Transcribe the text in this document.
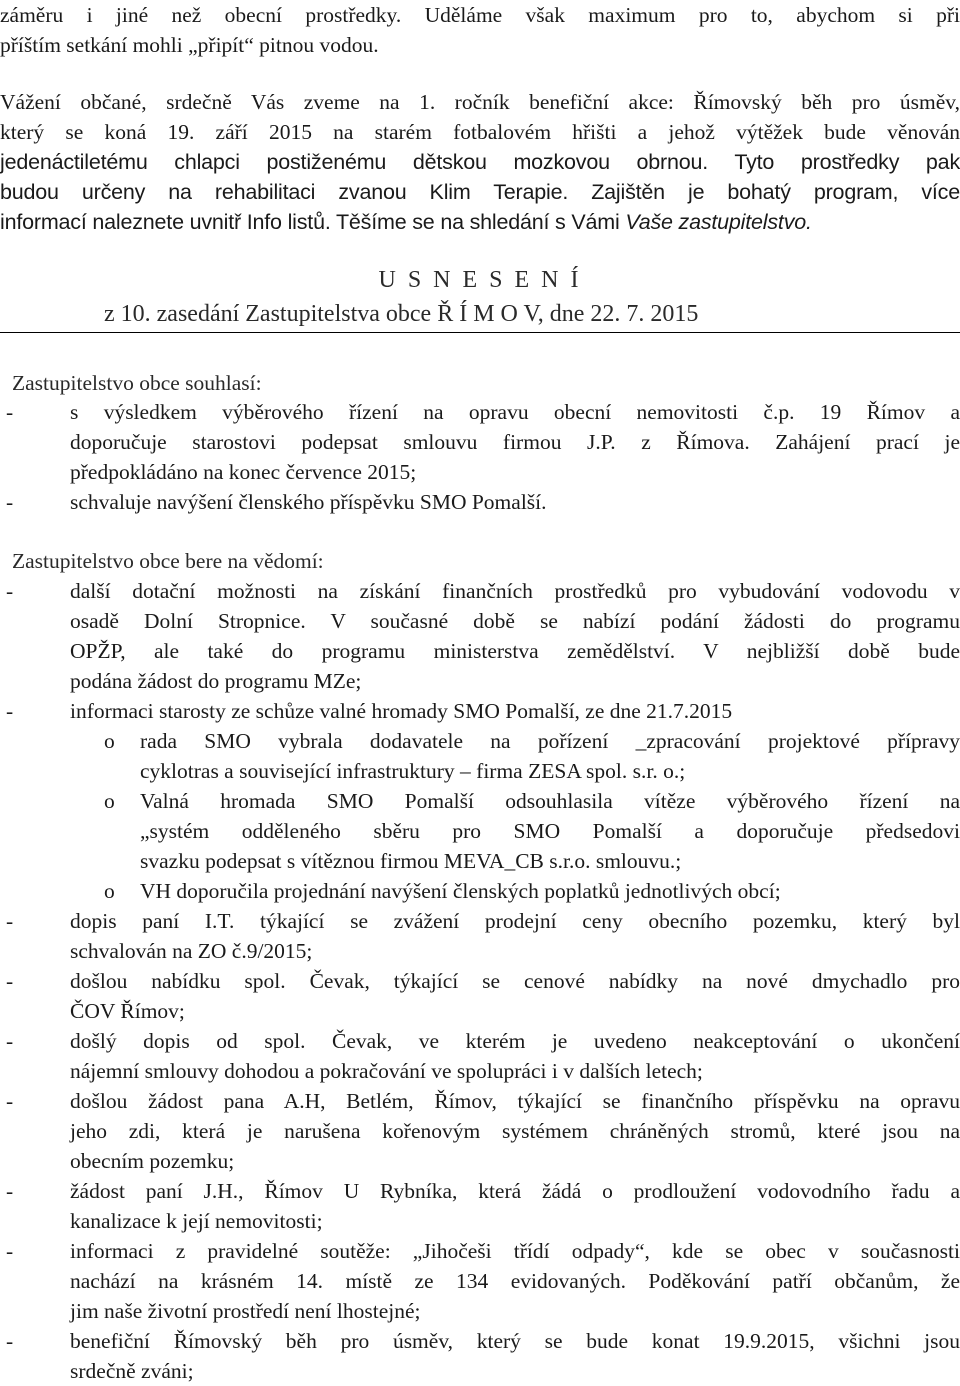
záměru i jiné než obecní prostředky. Uděláme však maximum pro to, abychom si při
příštím setkání mohli „připít“ pitnou vodou.
Vážení občané, srdečně Vás zveme na 1. ročník benefiční akce: Římovský běh pro úsměv,
který se koná 19. září 2015 na starém fotbalovém hřišti a jehož výtěžek bude věnován
jedenáctiletému chlapci postiženému dětskou mozkovou obrnou. Tyto prostředky pak
budou určeny na rehabilitaci zvanou Klim Terapie. Zajištěn je bohatý program, více
informací naleznete uvnitř Info listů. Těšíme se na shledání s Vámi Vaše zastupitelstvo.
U S N E S E N Í
z 10. zasedání Zastupitelstva obce Ř Í M O V, dne 22. 7. 2015
Zastupitelstvo obce souhlasí:
-	s výsledkem výběrového řízení na opravu obecní nemovitosti č.p. 19 Římov a
doporučuje starostovi podepsat smlouvu firmou J.P. z Římova. Zahájení prací je
předpokládáno na konec července 2015;
-	schvaluje navýšení členského příspěvku SMO Pomalší.
Zastupitelstvo obce bere na vědomí:
-	další dotační možnosti na získání finančních prostředků pro vybudování vodovodu v
osadě Dolní Stropnice. V současné době se nabízí podání žádosti do programu
OPŽP, ale také do programu ministerstva zemědělství. V nejbližší době bude
podána žádost do programu MZe;
-	informaci starosty ze schůze valné hromady SMO Pomalší, ze dne 21.7.2015
o rada SMO vybrala dodavatele na pořízení _zpracování projektové přípravy
cyklotras a související infrastruktury – firma ZESA spol. s.r. o.;
o Valná hromada SMO Pomalší odsouhlasila vítěze výběrového řízení na
„systém odděleného sběru pro SMO Pomalší a doporučuje předsedovi
svazku podepsat s vítěznou firmou MEVA_CB s.r.o. smlouvu.;
o VH doporučila projednání navýšení členských poplatků jednotlivých obcí;
-	dopis paní I.T. týkající se zvážení prodejní ceny obecního pozemku, který byl
schvalován na ZO č.9/2015;
-	došlou nabídku spol. Čevak, týkající se cenové nabídky na nové dmychadlo pro
ČOV Římov;
-	došlý dopis od spol. Čevak, ve kterém je uvedeno neakceptování o ukončení
nájemní smlouvy dohodou a pokračování ve spolupráci i v dalších letech;
-	došlou žádost pana A.H, Betlém, Římov, týkající se finančního příspěvku na opravu
jeho zdi, která je narušena kořenovým systémem chráněných stromů, které jsou na
obecním pozemku;
-	žádost paní J.H., Římov U Rybníka, která žádá o prodloužení vodovodního řadu a
kanalizace k její nemovitosti;
-	informaci z pravidelné soutěže: „Jihočeši třídí odpady“, kde se obec v současnosti
nachází na krásném 14. místě ze 134 evidovaných. Poděkování patří občanům, že
jim naše životní prostředí není lhostejné;
-	benefiční Římovský běh pro úsměv, který se bude konat 19.9.2015, všichni jsou
srdečně zváni;
